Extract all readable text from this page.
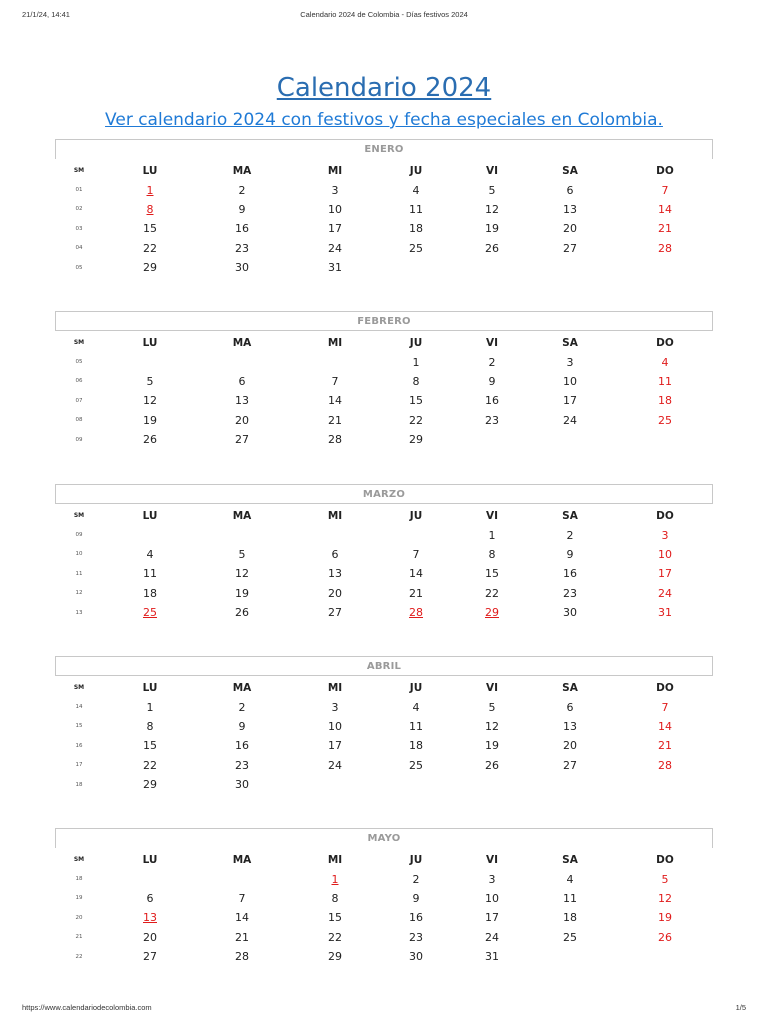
21/1/24, 14:41	Calendario 2024 de Colombia - Días festivos 2024
Calendario 2024
Ver calendario 2024 con festivos y fecha especiales en Colombia.
ENERO
SM	LU	MA	MI	JU	VI	SA	DO
01	1	2	3	4	5	6	7
02	8	9	10	11	12	13	14
03	15	16	17	18	19	20	21
04	22	23	24	25	26	27	28
05	29	30	31				
FEBRERO
SM	LU	MA	MI	JU	VI	SA	DO
05				1	2	3	4
06	5	6	7	8	9	10	11
07	12	13	14	15	16	17	18
08	19	20	21	22	23	24	25
09	26	27	28	29			
MARZO
SM	LU	MA	MI	JU	VI	SA	DO
09					1	2	3
10	4	5	6	7	8	9	10
11	11	12	13	14	15	16	17
12	18	19	20	21	22	23	24
13	25	26	27	28	29	30	31
ABRIL
SM	LU	MA	MI	JU	VI	SA	DO
14	1	2	3	4	5	6	7
15	8	9	10	11	12	13	14
16	15	16	17	18	19	20	21
17	22	23	24	25	26	27	28
18	29	30					
MAYO
SM	LU	MA	MI	JU	VI	SA	DO
18			1	2	3	4	5
19	6	7	8	9	10	11	12
20	13	14	15	16	17	18	19
21	20	21	22	23	24	25	26
22	27	28	29	30	31		
https://www.calendariodecolombia.com	1/5
